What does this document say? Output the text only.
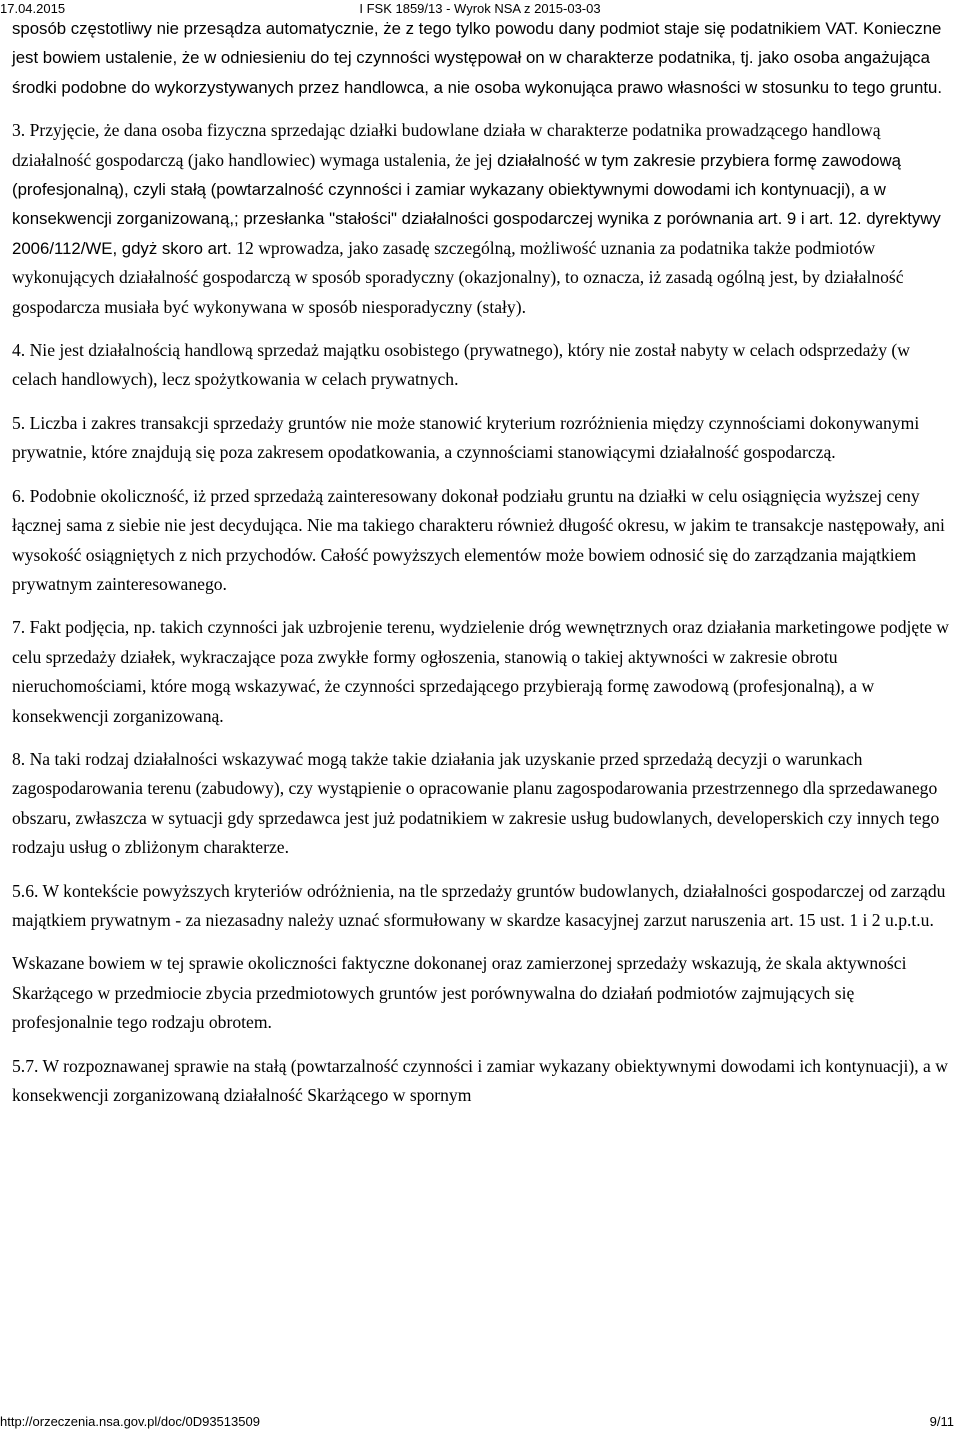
17.04.2015	I FSK 1859/13 - Wyrok NSA z 2015-03-03

sposób częstotliwy nie przesądza automatycznie, że z tego tylko powodu dany podmiot staje się podatnikiem VAT. Konieczne jest bowiem ustalenie, że w odniesieniu do tej czynności występował on w charakterze podatnika, tj. jako osoba angażująca środki podobne do wykorzystywanych przez handlowca, a nie osoba wykonująca prawo własności w stosunku to tego gruntu.

3. Przyjęcie, że dana osoba fizyczna sprzedając działki budowlane działa w charakterze podatnika prowadzącego handlową działalność gospodarczą (jako handlowiec) wymaga ustalenia, że jej działalność w tym zakresie przybiera formę zawodową (profesjonalną), czyli stałą (powtarzalność czynności i zamiar wykazany obiektywnymi dowodami ich kontynuacji), a w konsekwencji zorganizowaną,; przesłanka "stałości" działalności gospodarczej wynika z porównania art. 9 i art. 12. dyrektywy 2006/112/WE, gdyż skoro art. 12 wprowadza, jako zasadę szczególną, możliwość uznania za podatnika także podmiotów wykonujących działalność gospodarczą w sposób sporadyczny (okazjonalny), to oznacza, iż zasadą ogólną jest, by działalność gospodarcza musiała być wykonywana w sposób niesporadyczny (stały).

4. Nie jest działalnością handlową sprzedaż majątku osobistego (prywatnego), który nie został nabyty w celach odsprzedaży (w celach handlowych), lecz spożytkowania w celach prywatnych.

5. Liczba i zakres transakcji sprzedaży gruntów nie może stanowić kryterium rozróżnienia między czynnościami dokonywanymi prywatnie, które znajdują się poza zakresem opodatkowania, a czynnościami stanowiącymi działalność gospodarczą.

6. Podobnie okoliczność, iż przed sprzedażą zainteresowany dokonał podziału gruntu na działki w celu osiągnięcia wyższej ceny łącznej sama z siebie nie jest decydująca. Nie ma takiego charakteru również długość okresu, w jakim te transakcje następowały, ani wysokość osiągniętych z nich przychodów. Całość powyższych elementów może bowiem odnosić się do zarządzania majątkiem prywatnym zainteresowanego.

7. Fakt podjęcia, np. takich czynności jak uzbrojenie terenu, wydzielenie dróg wewnętrznych oraz działania marketingowe podjęte w celu sprzedaży działek, wykraczające poza zwykłe formy ogłoszenia, stanowią o takiej aktywności w zakresie obrotu nieruchomościami, które mogą wskazywać, że czynności sprzedającego przybierają formę zawodową (profesjonalną), a w konsekwencji zorganizowaną.

8. Na taki rodzaj działalności wskazywać mogą także takie działania jak uzyskanie przed sprzedażą decyzji o warunkach zagospodarowania terenu (zabudowy), czy wystąpienie o opracowanie planu zagospodarowania przestrzennego dla sprzedawanego obszaru, zwłaszcza w sytuacji gdy sprzedawca jest już podatnikiem w zakresie usług budowlanych, developerskich czy innych tego rodzaju usług o zbliżonym charakterze.

5.6. W kontekście powyższych kryteriów odróżnienia, na tle sprzedaży gruntów budowlanych, działalności gospodarczej od zarządu majątkiem prywatnym - za niezasadny należy uznać sformułowany w skardze kasacyjnej zarzut naruszenia art. 15 ust. 1 i 2 u.p.t.u.

Wskazane bowiem w tej sprawie okoliczności faktyczne dokonanej oraz zamierzonej sprzedaży wskazują, że skala aktywności Skarżącego w przedmiocie zbycia przedmiotowych gruntów jest porównywalna do działań podmiotów zajmujących się profesjonalnie tego rodzaju obrotem.

5.7. W rozpoznawanej sprawie na stałą (powtarzalność czynności i zamiar wykazany obiektywnymi dowodami ich kontynuacji), a w konsekwencji zorganizowaną działalność Skarżącego w spornym

http://orzeczenia.nsa.gov.pl/doc/0D93513509	9/11
